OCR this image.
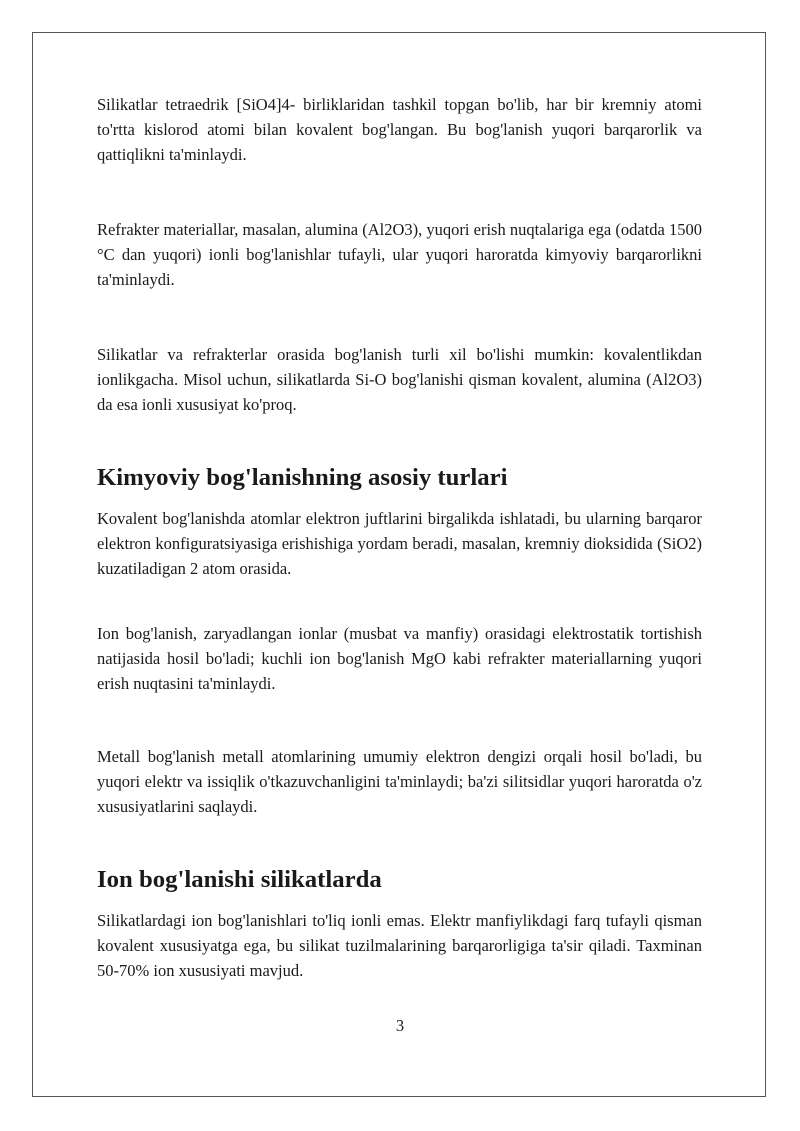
Silikatlar tetraedrik [SiO4]4- birliklaridan tashkil topgan bo'lib, har bir kremniy atomi to'rtta kislorod atomi bilan kovalent bog'langan. Bu bog'lanish yuqori barqarorlik va qattiqlikni ta'minlaydi.

Refrakter materiallar, masalan, alumina (Al2O3), yuqori erish nuqtalariga ega (odatda 1500 °C dan yuqori) ionli bog'lanishlar tufayli, ular yuqori haroratda kimyoviy barqarorlikni ta'minlaydi.

Silikatlar va refrakterlar orasida bog'lanish turli xil bo'lishi mumkin: kovalentlikdan ionlikgacha. Misol uchun, silikatlarda Si-O bog'lanishi qisman kovalent, alumina (Al2O3) da esa ionli xususiyat ko'proq.

Kimyoviy bog'lanishning asosiy turlari

Kovalent bog'lanishda atomlar elektron juftlarini birgalikda ishlatadi, bu ularning barqaror elektron konfiguratsiyasiga erishishiga yordam beradi, masalan, kremniy dioksidida (SiO2) kuzatiladigan 2 atom orasida.

Ion bog'lanish, zaryadlangan ionlar (musbat va manfiy) orasidagi elektrostatik tortishish natijasida hosil bo'ladi; kuchli ion bog'lanish MgO kabi refrakter materiallarning yuqori erish nuqtasini ta'minlaydi.

Metall bog'lanish metall atomlarining umumiy elektron dengizi orqali hosil bo'ladi, bu yuqori elektr va issiqlik o'tkazuvchanligini ta'minlaydi; ba'zi silitsidlar yuqori haroratda o'z xususiyatlarini saqlaydi.

Ion bog'lanishi silikatlarda

Silikatlardagi ion bog'lanishlari to'liq ionli emas. Elektr manfiylikdagi farq tufayli qisman kovalent xususiyatga ega, bu silikat tuzilmalarining barqarorligiga ta'sir qiladi. Taxminan 50-70% ion xususiyati mavjud.

3
